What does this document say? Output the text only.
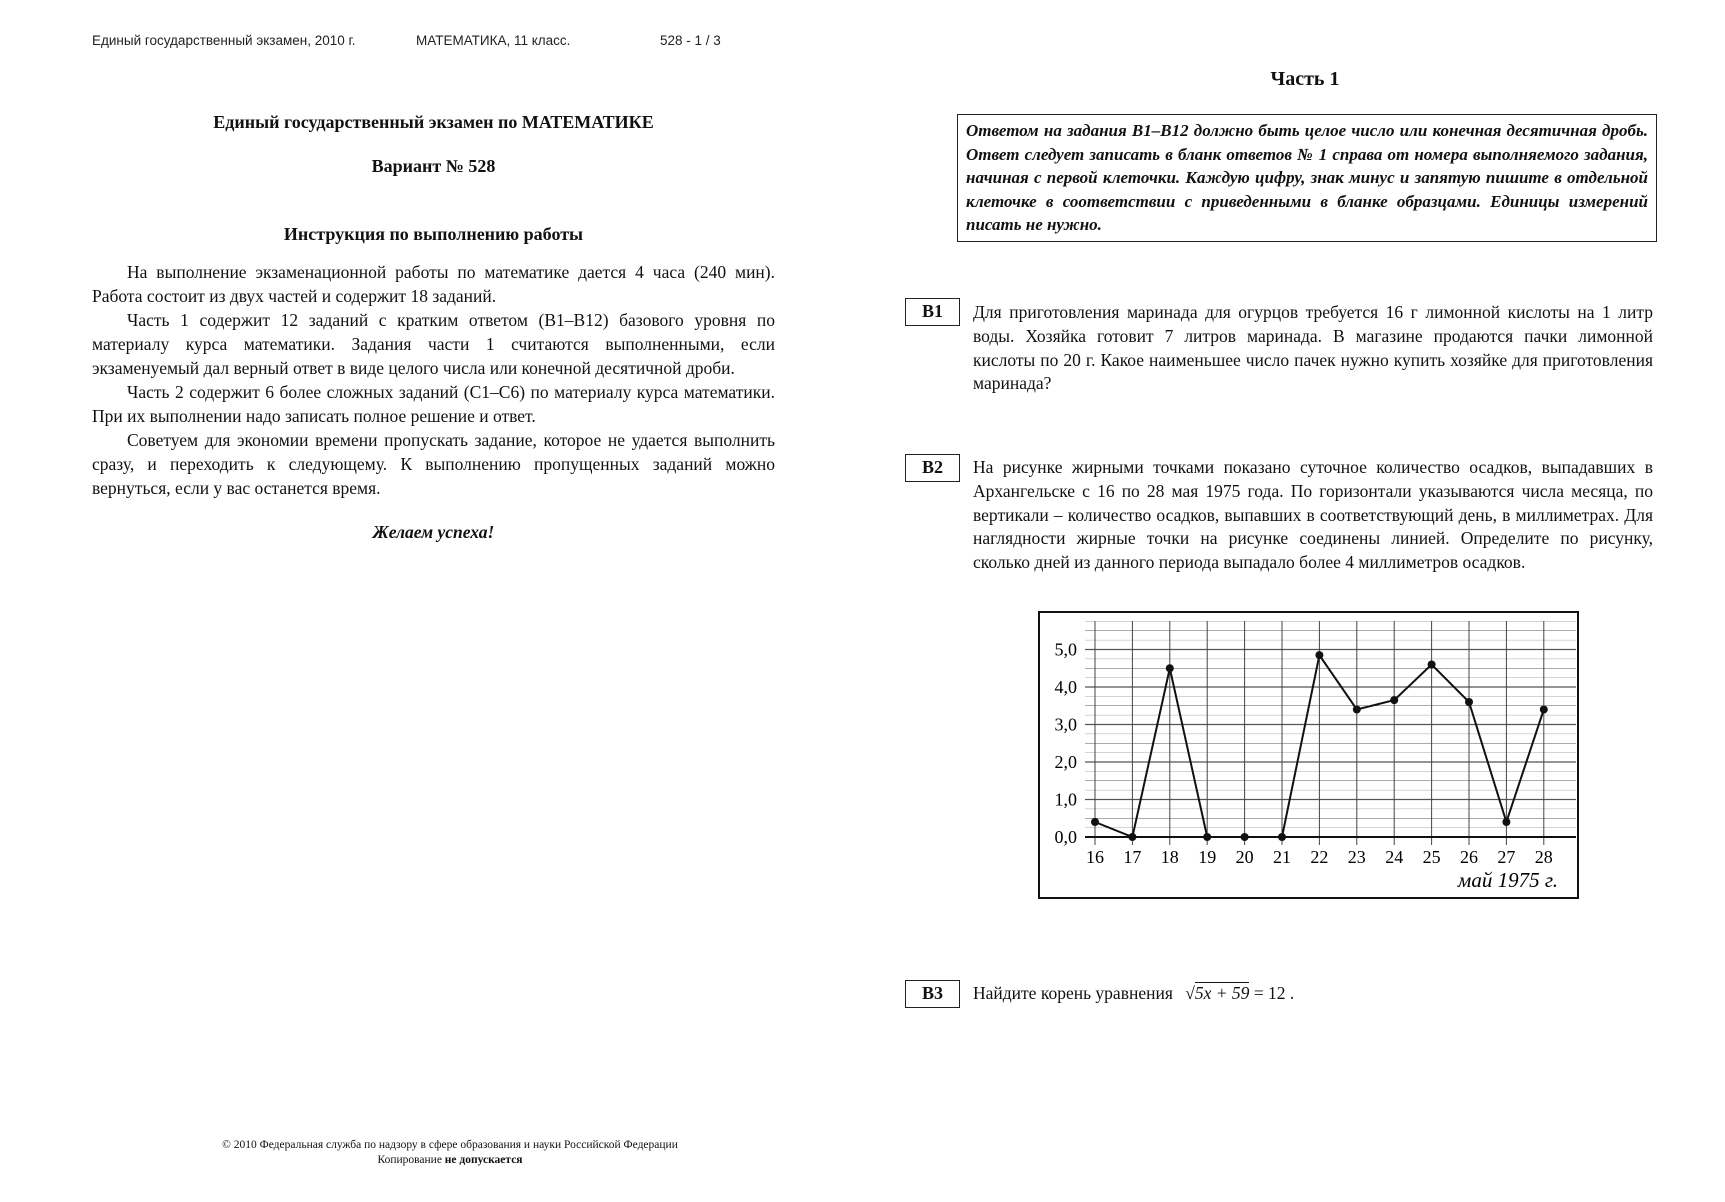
Единый государственный экзамен, 2010 г.	МАТЕМАТИКА, 11 класс.	528 - 1 / 3
Единый государственный экзамен по МАТЕМАТИКЕ
Вариант № 528
Инструкция по выполнению работы

На выполнение экзаменационной работы по математике дается 4 часа (240 мин). Работа состоит из двух частей и содержит 18 заданий.

Часть 1 содержит 12 заданий с кратким ответом (B1–B12) базового уровня по материалу курса математики. Задания части 1 считаются выполненными, если экзаменуемый дал верный ответ в виде целого числа или конечной десятичной дроби.

Часть 2 содержит 6 более сложных заданий (C1–C6) по материалу курса математики. При их выполнении надо записать полное решение и ответ.

Советуем для экономии времени пропускать задание, которое не удается выполнить сразу, и переходить к следующему. К выполнению пропущенных заданий можно вернуться, если у вас останется время.

Желаем успеха!
Часть 1
Ответом на задания B1–B12 должно быть целое число или конечная десятичная дробь. Ответ следует записать в бланк ответов № 1 справа от номера выполняемого задания, начиная с первой клеточки. Каждую цифру, знак минус и запятую пишите в отдельной клеточке в соответствии с приведенными в бланке образцами. Единицы измерений писать не нужно.
B1	Для приготовления маринада для огурцов требуется 16 г лимонной кислоты на 1 литр воды. Хозяйка готовит 7 литров маринада. В магазине продаются пачки лимонной кислоты по 20 г. Какое наименьшее число пачек нужно купить хозяйке для приготовления маринада?
B2	На рисунке жирными точками показано суточное количество осадков, выпадавших в Архангельске с 16 по 28 мая 1975 года. По горизонтали указываются числа месяца, по вертикали – количество осадков, выпавших в соответствующий день, в миллиметрах. Для наглядности жирные точки на рисунке соединены линией. Определите по рисунку, сколько дней из данного периода выпадало более 4 миллиметров осадков.
16 17 18 19 20 21 22 23 24 25 26 27 28
0,0
1,0
2,0
3,0
4,0
5,0
май 1975 г.
B3	Найдите корень уравнения √5x + 59 = 12 .
© 2010 Федеральная служба по надзору в сфере образования и науки Российской Федерации
Копирование не допускается
